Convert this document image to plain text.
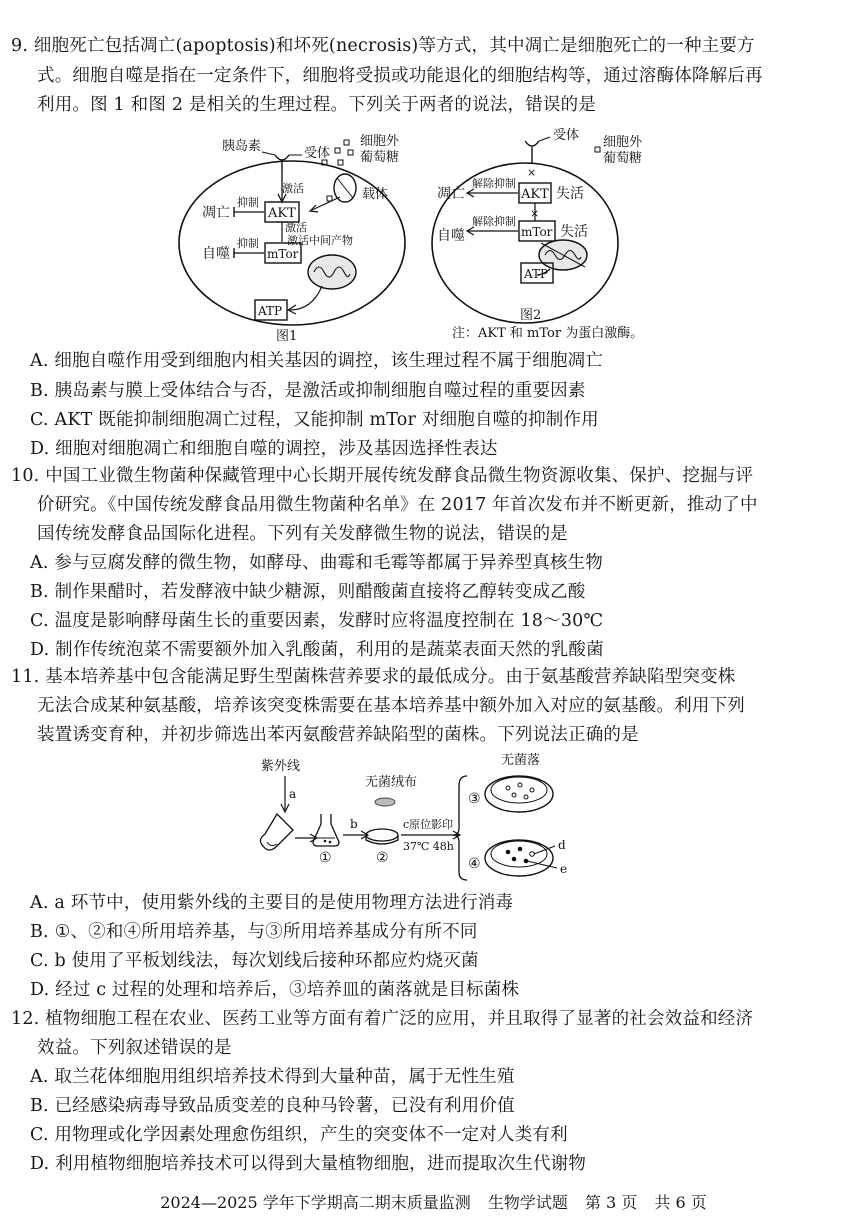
9. 细胞死亡包括凋亡(apoptosis)和坏死(necrosis)等方式，其中凋亡是细胞死亡的一种主要方
式。细胞自噬是指在一定条件下，细胞将受损或功能退化的细胞结构等，通过溶酶体降解后再
利用。图 1 和图 2 是相关的生理过程。下列关于两者的说法，错误的是
胰岛素	受体
细胞外
葡萄糖
载体
激活
AKT
凋亡
抑制
激活
激活中间产物
mTor
自噬
抑制
ATP
图1
受体
×
细胞外
葡萄糖
AKT 失活
凋亡
解除抑制
×
mTor 失活
自噬
解除抑制
ATP
图2
注：AKT 和 mTor 为蛋白激酶。
A. 细胞自噬作用受到细胞内相关基因的调控，该生理过程不属于细胞凋亡
B. 胰岛素与膜上受体结合与否，是激活或抑制细胞自噬过程的重要因素
C. AKT 既能抑制细胞凋亡过程，又能抑制 mTor 对细胞自噬的抑制作用
D. 细胞对细胞凋亡和细胞自噬的调控，涉及基因选择性表达
10. 中国工业微生物菌种保藏管理中心长期开展传统发酵食品微生物资源收集、保护、挖掘与评
价研究。《中国传统发酵食品用微生物菌种名单》在 2017 年首次发布并不断更新，推动了中
国传统发酵食品国际化进程。下列有关发酵微生物的说法，错误的是
A. 参与豆腐发酵的微生物，如酵母、曲霉和毛霉等都属于异养型真核生物
B. 制作果醋时，若发酵液中缺少糖源，则醋酸菌直接将乙醇转变成乙酸
C. 温度是影响酵母菌生长的重要因素，发酵时应将温度控制在 18～30℃
D. 制作传统泡菜不需要额外加入乳酸菌，利用的是蔬菜表面天然的乳酸菌
11. 基本培养基中包含能满足野生型菌株营养要求的最低成分。由于氨基酸营养缺陷型突变株
无法合成某种氨基酸，培养该突变株需要在基本培养基中额外加入对应的氨基酸。利用下列
装置诱变育种，并初步筛选出苯丙氨酸营养缺陷型的菌株。下列说法正确的是
紫外线
a
①
b
无菌绒布
②
c原位影印
37℃ 48h
无菌落
③
④
d
e
A. a 环节中，使用紫外线的主要目的是使用物理方法进行消毒
B. ①、②和④所用培养基，与③所用培养基成分有所不同
C. b 使用了平板划线法，每次划线后接种环都应灼烧灭菌
D. 经过 c 过程的处理和培养后，③培养皿的菌落就是目标菌株
12. 植物细胞工程在农业、医药工业等方面有着广泛的应用，并且取得了显著的社会效益和经济
效益。下列叙述错误的是
A. 取兰花体细胞用组织培养技术得到大量种苗，属于无性生殖
B. 已经感染病毒导致品质变差的良种马铃薯，已没有利用价值
C. 用物理或化学因素处理愈伤组织，产生的突变体不一定对人类有利
D. 利用植物细胞培养技术可以得到大量植物细胞，进而提取次生代谢物
2024—2025 学年下学期高二期末质量监测 生物学试题 第 3 页 共 6 页
